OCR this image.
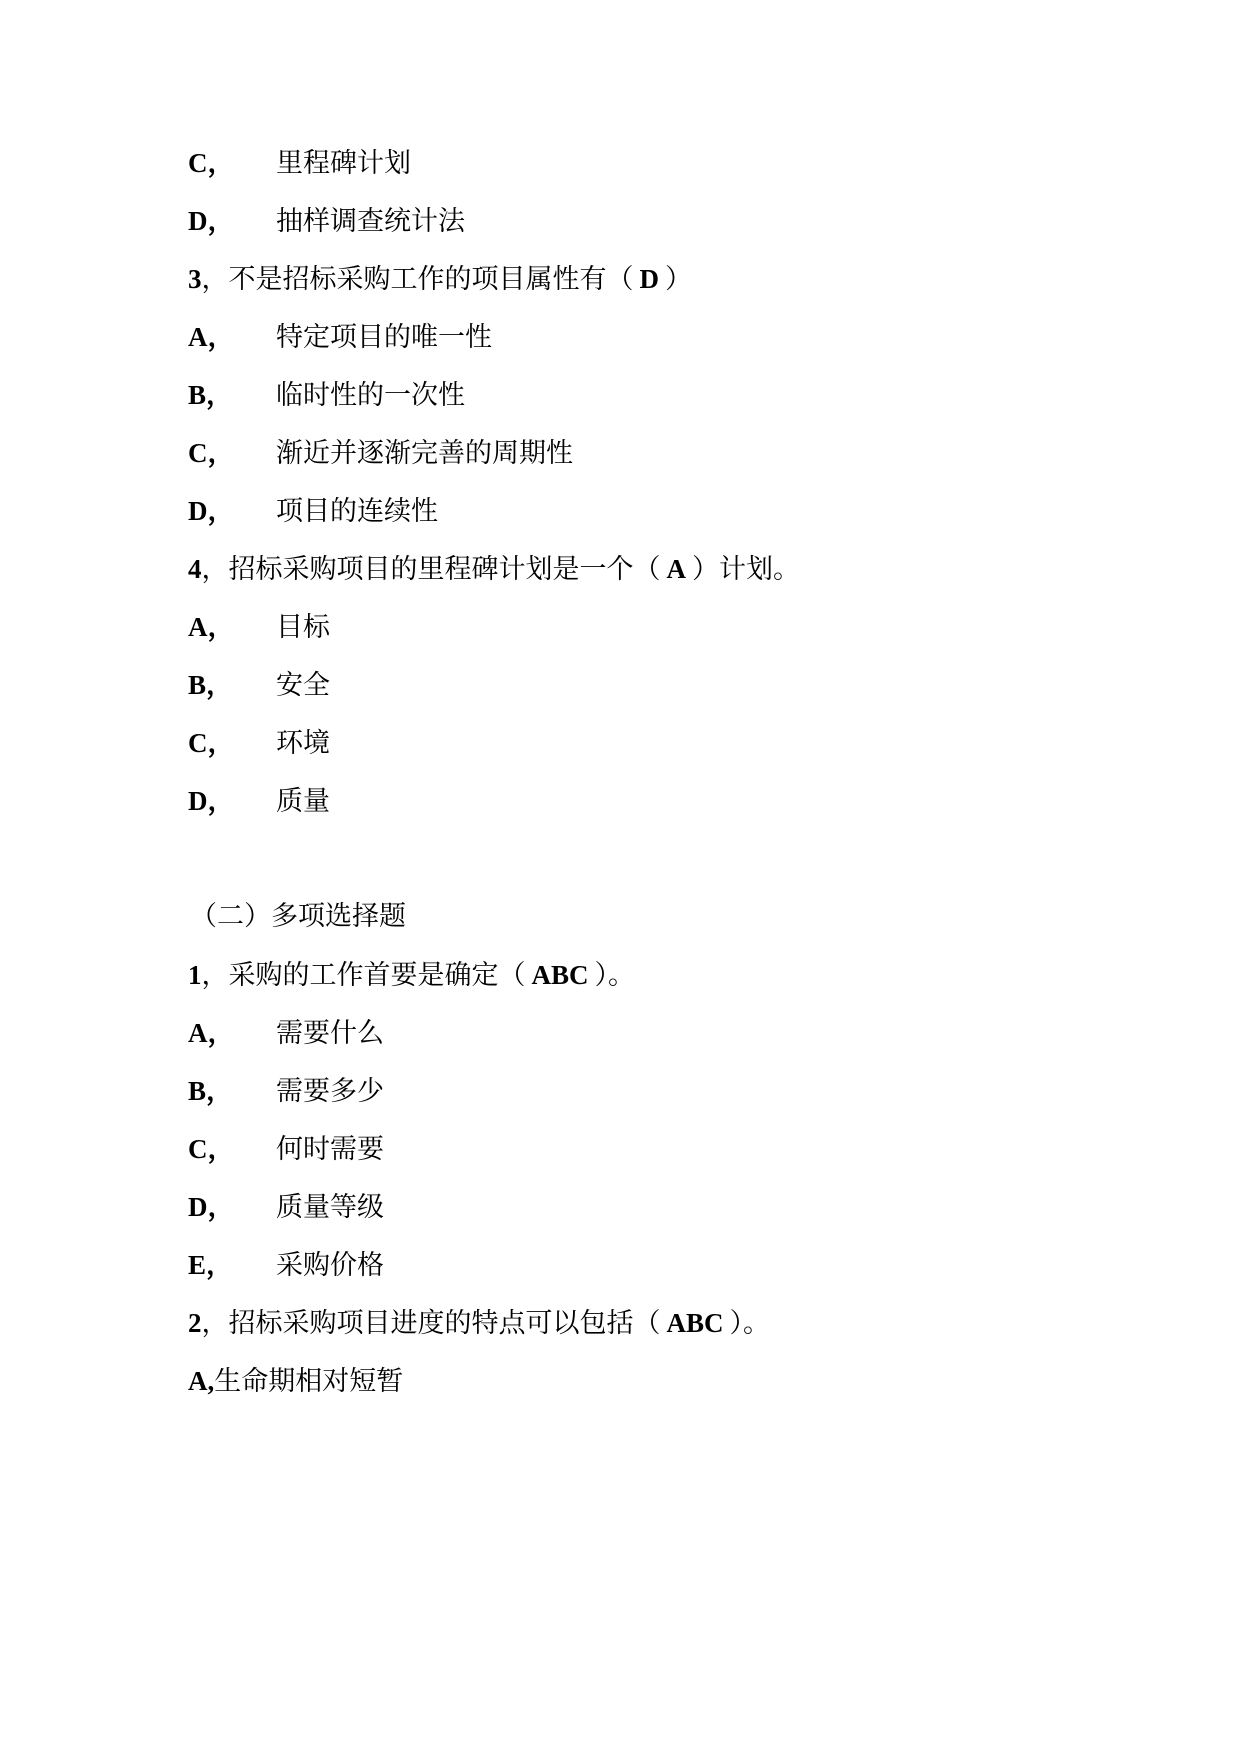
C， 里程碑计划
D， 抽样调查统计法
3，不是招标采购工作的项目属性有（ D ）
A， 特定项目的唯一性
B， 临时性的一次性
C， 渐近并逐渐完善的周期性
D， 项目的连续性
4，招标采购项目的里程碑计划是一个（ A ）计划。
A， 目标
B， 安全
C， 环境
D， 质量
（二）多项选择题
1，采购的工作首要是确定（ ABC ）。
A， 需要什么
B， 需要多少
C， 何时需要
D， 质量等级
E， 采购价格
2，招标采购项目进度的特点可以包括（ ABC ）。
A,生命期相对短暂
